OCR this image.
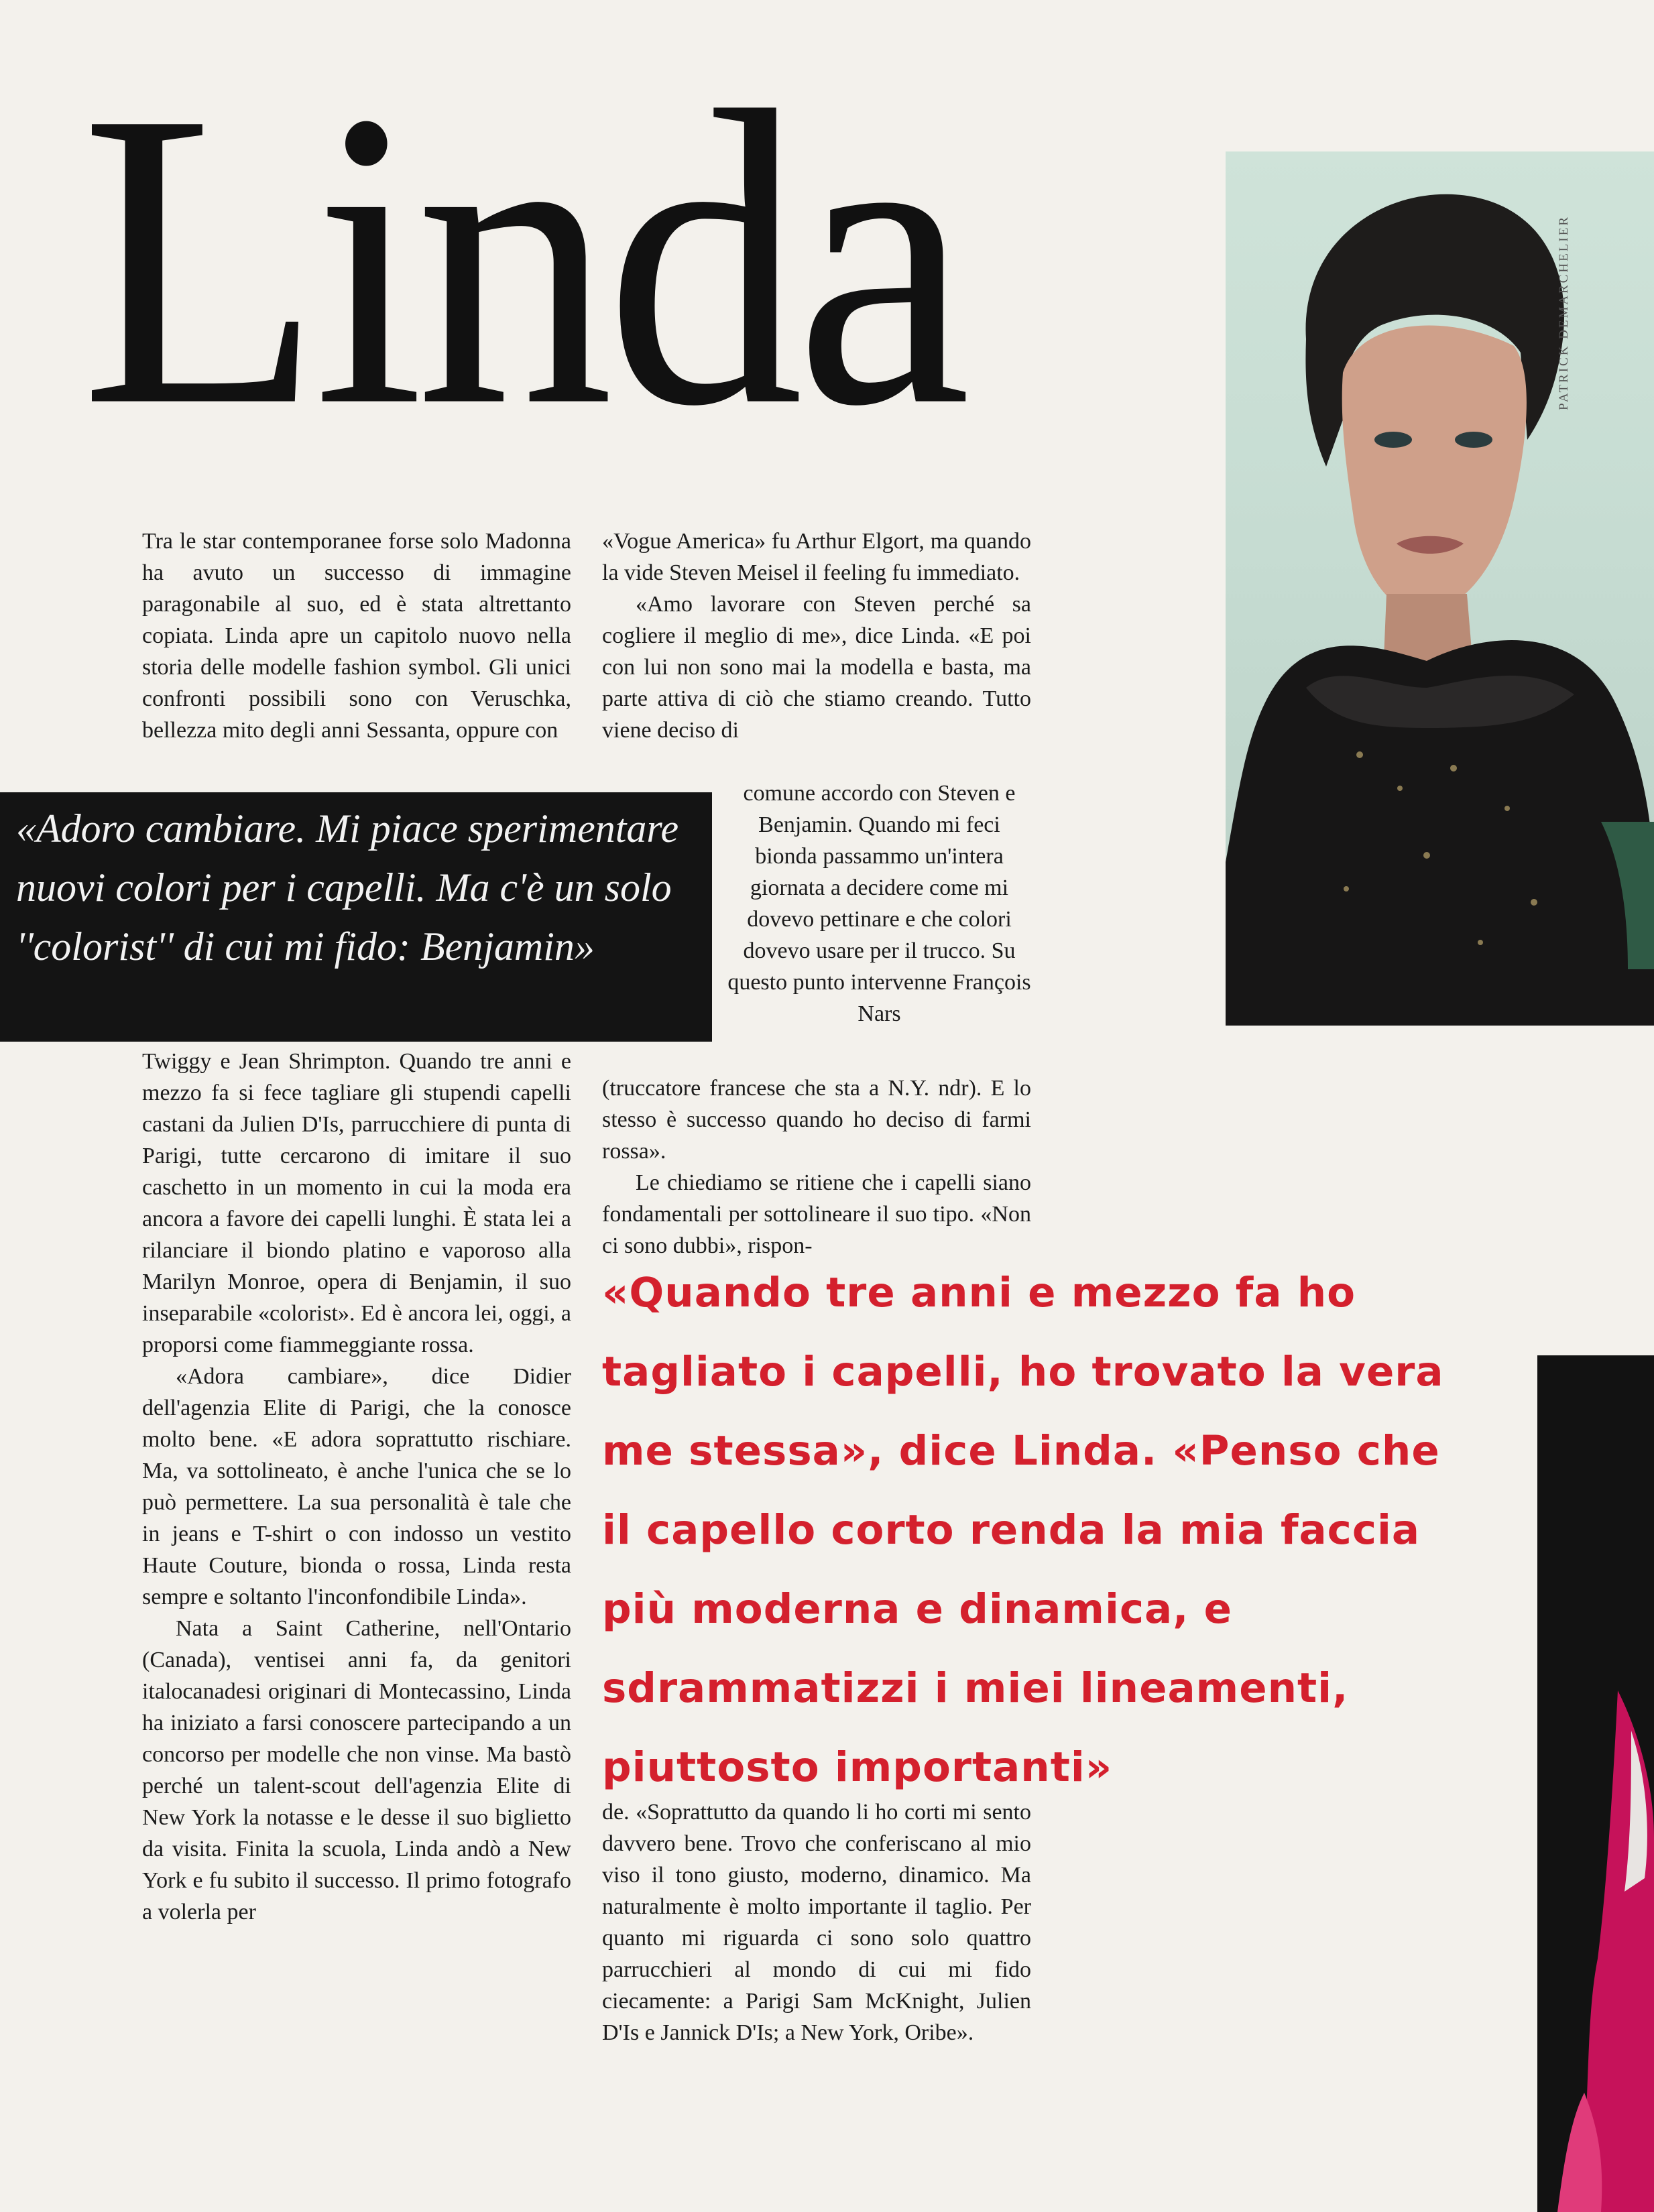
Linda	PATRICK DEMARCHELIER

Tra le star contemporanee forse solo Madonna ha avuto un successo di immagine paragonabile al suo, ed è stata altrettanto copiata. Linda apre un capitolo nuovo nella storia delle modelle fashion symbol. Gli unici confronti possibili sono con Veruschka, bellezza mito degli anni Sessanta, oppure con

«Adoro cambiare. Mi piace sperimentare nuovi colori per i capelli. Ma c'è un solo ''colorist'' di cui mi fido: Benjamin»

Twiggy e Jean Shrimpton. Quando tre anni e mezzo fa si fece tagliare gli stupendi capelli castani da Julien D'Is, parrucchiere di punta di Parigi, tutte cercarono di imitare il suo caschetto in un momento in cui la moda era ancora a favore dei capelli lunghi. È stata lei a rilanciare il biondo platino e vaporoso alla Marilyn Monroe, opera di Benjamin, il suo inseparabile «colorist». Ed è ancora lei, oggi, a proporsi come fiammeggiante rossa.

«Adora cambiare», dice Didier dell'agenzia Elite di Parigi, che la conosce molto bene. «E adora soprattutto rischiare. Ma, va sottolineato, è anche l'unica che se lo può permettere. La sua personalità è tale che in jeans e T-shirt o con indosso un vestito Haute Couture, bionda o rossa, Linda resta sempre e soltanto l'inconfondibile Linda».

Nata a Saint Catherine, nell'Ontario (Canada), ventisei anni fa, da genitori italocanadesi originari di Montecassino, Linda ha iniziato a farsi conoscere partecipando a un concorso per modelle che non vinse. Ma bastò perché un talent-scout dell'agenzia Elite di New York la notasse e le desse il suo biglietto da visita. Finita la scuola, Linda andò a New York e fu subito il successo. Il primo fotografo a volerla per

«Vogue America» fu Arthur Elgort, ma quando la vide Steven Meisel il feeling fu immediato.

«Amo lavorare con Steven perché sa cogliere il meglio di me», dice Linda. «E poi con lui non sono mai la modella e basta, ma parte attiva di ciò che stiamo creando. Tutto viene deciso di

comune accordo con Steven e Benjamin. Quando mi feci bionda passammo un'intera giornata a decidere come mi dovevo pettinare e che colori dovevo usare per il trucco. Su questo punto intervenne François Nars

(truccatore francese che sta a N.Y. ndr). E lo stesso è successo quando ho deciso di farmi rossa».

Le chiediamo se ritiene che i capelli siano fondamentali per sottolineare il suo tipo. «Non ci sono dubbi», rispon-

«Quando tre anni e mezzo fa ho tagliato i capelli, ho trovato la vera me stessa», dice Linda. «Penso che il capello corto renda la mia faccia più moderna e dinamica, e sdrammatizzi i miei lineamenti, piuttosto importanti»

de. «Soprattutto da quando li ho corti mi sento davvero bene. Trovo che conferiscano al mio viso il tono giusto, moderno, dinamico. Ma naturalmente è molto importante il taglio. Per quanto mi riguarda ci sono solo quattro parrucchieri al mondo di cui mi fido ciecamente: a Parigi Sam McKnight, Julien D'Is e Jannick D'Is; a New York, Oribe».
